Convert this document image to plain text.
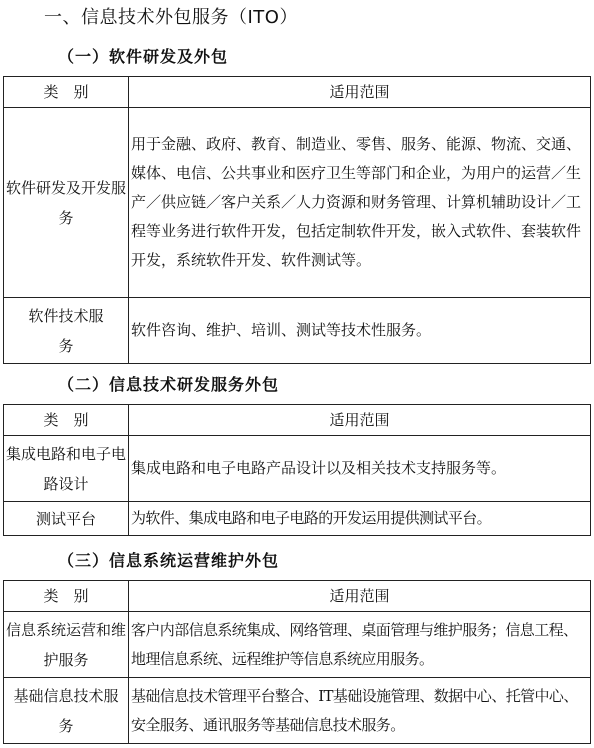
一、信息技术外包服务（ITO）
（一）软件研发及外包
类　别	适用范围
软件研发及开发服务	用于金融、政府、教育、制造业、零售、服务、能源、物流、交通、媒体、电信、公共事业和医疗卫生等部门和企业，为用户的运营／生产／供应链／客户关系／人力资源和财务管理、计算机辅助设计／工程等业务进行软件开发，包括定制软件开发，嵌入式软件、套装软件开发，系统软件开发、软件测试等。
软件技术服务	软件咨询、维护、培训、测试等技术性服务。
（二）信息技术研发服务外包
类　别	适用范围
集成电路和电子电路设计	集成电路和电子电路产品设计以及相关技术支持服务等。
测试平台	为软件、集成电路和电子电路的开发运用提供测试平台。
（三）信息系统运营维护外包
类　别	适用范围
信息系统运营和维护服务	客户内部信息系统集成、网络管理、桌面管理与维护服务；信息工程、地理信息系统、远程维护等信息系统应用服务。
基础信息技术服务	基础信息技术管理平台整合、IT基础设施管理、数据中心、托管中心、安全服务、通讯服务等基础信息技术服务。
